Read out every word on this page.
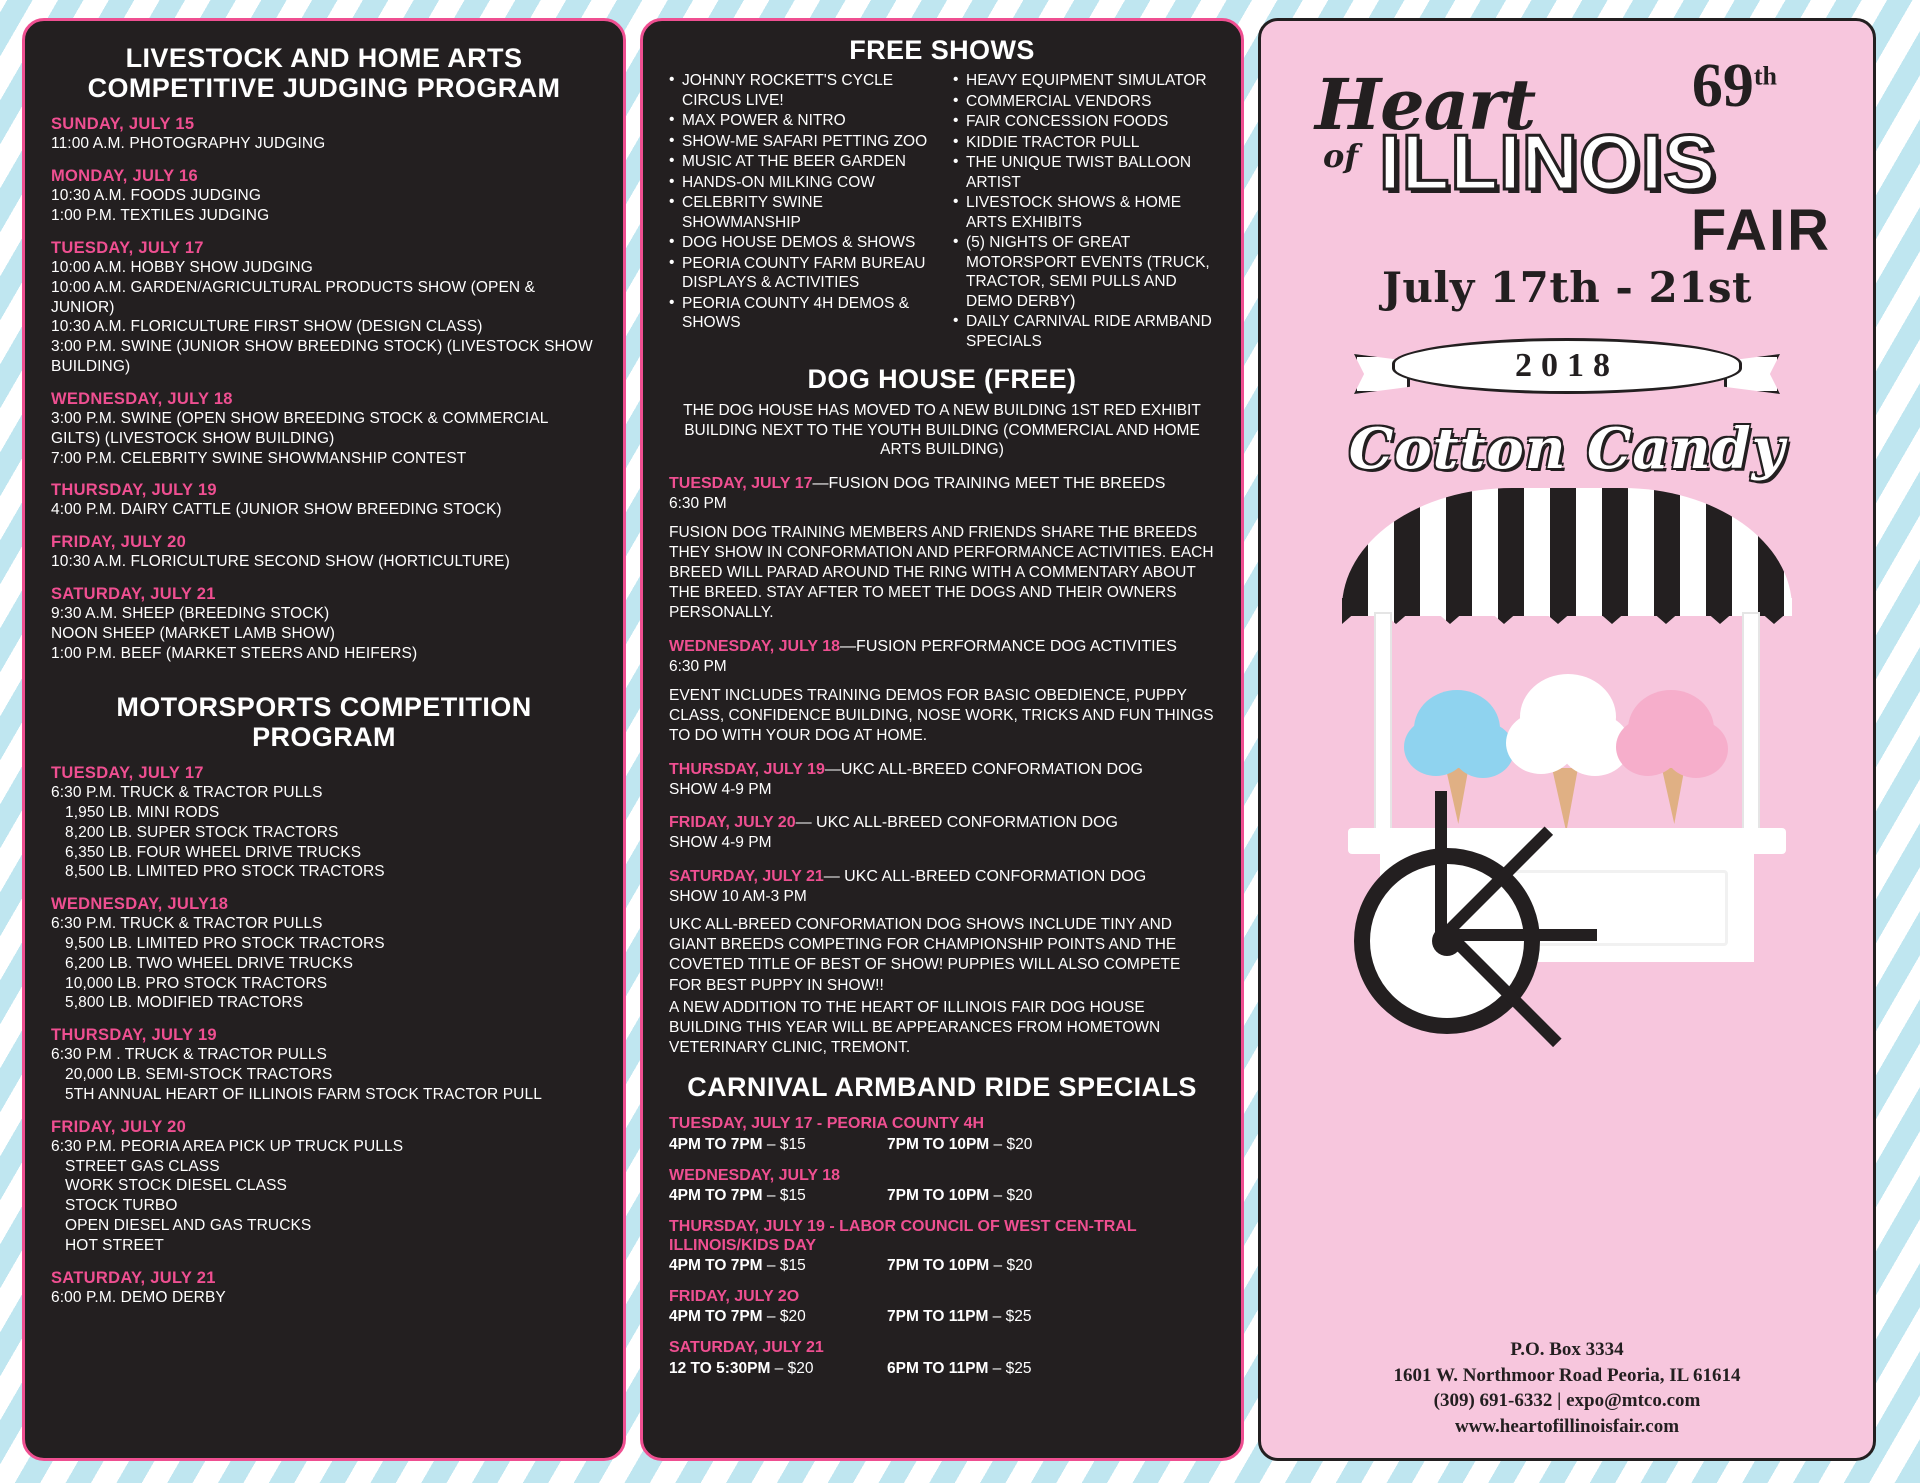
LIVESTOCK AND HOME ARTS COMPETITIVE JUDGING PROGRAM
SUNDAY, JULY 15
11:00 A.M. PHOTOGRAPHY JUDGING
MONDAY, JULY 16
10:30 A.M. FOODS JUDGING
1:00 P.M. TEXTILES JUDGING
TUESDAY, JULY 17
10:00 A.M. HOBBY SHOW JUDGING
10:00 A.M. GARDEN/AGRICULTURAL PRODUCTS SHOW (OPEN & JUNIOR)
10:30 A.M. FLORICULTURE FIRST SHOW (DESIGN CLASS)
3:00 P.M. SWINE (JUNIOR SHOW BREEDING STOCK) (LIVESTOCK SHOW BUILDING)
WEDNESDAY, JULY 18
3:00 P.M. SWINE (OPEN SHOW BREEDING STOCK & COMMERCIAL GILTS) (LIVESTOCK SHOW BUILDING)
7:00 P.M. CELEBRITY SWINE SHOWMANSHIP CONTEST
THURSDAY, JULY 19
4:00 P.M. DAIRY CATTLE (JUNIOR SHOW BREEDING STOCK)
FRIDAY, JULY 20
10:30 A.M. FLORICULTURE SECOND SHOW (HORTICULTURE)
SATURDAY, JULY 21
9:30 A.M. SHEEP (BREEDING STOCK)
NOON SHEEP (MARKET LAMB SHOW)
1:00 P.M. BEEF (MARKET STEERS AND HEIFERS)
MOTORSPORTS COMPETITION PROGRAM
TUESDAY, JULY 17
6:30 P.M. TRUCK & TRACTOR PULLS
1,950 LB. MINI RODS
8,200 LB. SUPER STOCK TRACTORS
6,350 LB. FOUR WHEEL DRIVE TRUCKS
8,500 LB. LIMITED PRO STOCK TRACTORS
WEDNESDAY, JULY18
6:30 P.M. TRUCK & TRACTOR PULLS
9,500 LB. LIMITED PRO STOCK TRACTORS
6,200 LB. TWO WHEEL DRIVE TRUCKS
10,000 LB. PRO STOCK TRACTORS
5,800 LB. MODIFIED TRACTORS
THURSDAY, JULY 19
6:30 P.M . TRUCK & TRACTOR PULLS
20,000 LB. SEMI-STOCK TRACTORS
5TH ANNUAL HEART OF ILLINOIS FARM STOCK TRACTOR PULL
FRIDAY, JULY 20
6:30 P.M. PEORIA AREA PICK UP TRUCK PULLS
STREET GAS CLASS
WORK STOCK DIESEL CLASS
STOCK TURBO
OPEN DIESEL AND GAS TRUCKS
HOT STREET
SATURDAY, JULY 21
6:00 P.M. DEMO DERBY
FREE SHOWS
• JOHNNY ROCKETT'S CYCLE CIRCUS LIVE!
• MAX POWER & NITRO
• SHOW-ME SAFARI PETTING ZOO
• MUSIC AT THE BEER GARDEN
• HANDS-ON MILKING COW
• CELEBRITY SWINE SHOWMANSHIP
• DOG HOUSE DEMOS & SHOWS
• PEORIA COUNTY FARM BUREAU DISPLAYS & ACTIVITIES
• PEORIA COUNTY 4H DEMOS & SHOWS
• HEAVY EQUIPMENT SIMULATOR
• COMMERCIAL VENDORS
• FAIR CONCESSION FOODS
• KIDDIE TRACTOR PULL
• THE UNIQUE TWIST BALLOON ARTIST
• LIVESTOCK SHOWS & HOME ARTS EXHIBITS
• (5) NIGHTS OF GREAT MOTORSPORT EVENTS (TRUCK, TRACTOR, SEMI PULLS AND DEMO DERBY)
• DAILY CARNIVAL RIDE ARMBAND SPECIALS
DOG HOUSE (FREE)
THE DOG HOUSE HAS MOVED TO A NEW BUILDING 1ST RED EXHIBIT BUILDING NEXT TO THE YOUTH BUILDING (COMMERCIAL AND HOME ARTS BUILDING)
TUESDAY, JULY 17—FUSION DOG TRAINING MEET THE BREEDS
6:30 PM
FUSION DOG TRAINING MEMBERS AND FRIENDS SHARE THE BREEDS THEY SHOW IN CONFORMATION AND PERFORMANCE ACTIVITIES. EACH BREED WILL PARAD AROUND THE RING WITH A COMMENTARY ABOUT THE BREED. STAY AFTER TO MEET THE DOGS AND THEIR OWNERS PERSONALLY.
WEDNESDAY, JULY 18—FUSION PERFORMANCE DOG ACTIVITIES
6:30 PM
EVENT INCLUDES TRAINING DEMOS FOR BASIC OBEDIENCE, PUPPY CLASS, CONFIDENCE BUILDING, NOSE WORK, TRICKS AND FUN THINGS TO DO WITH YOUR DOG AT HOME.
THURSDAY, JULY 19—UKC ALL-BREED CONFORMATION DOG
SHOW 4-9 PM
FRIDAY, JULY 20— UKC ALL-BREED CONFORMATION DOG
SHOW 4-9 PM
SATURDAY, JULY 21— UKC ALL-BREED CONFORMATION DOG
SHOW 10 AM-3 PM
UKC ALL-BREED CONFORMATION DOG SHOWS INCLUDE TINY AND GIANT BREEDS COMPETING FOR CHAMPIONSHIP POINTS AND THE COVETED TITLE OF BEST OF SHOW! PUPPIES WILL ALSO COMPETE FOR BEST PUPPY IN SHOW!!
A NEW ADDITION TO THE HEART OF ILLINOIS FAIR DOG HOUSE BUILDING THIS YEAR WILL BE APPEARANCES FROM HOMETOWN VETERINARY CLINIC, TREMONT.
CARNIVAL ARMBAND RIDE SPECIALS
TUESDAY, JULY 17 - PEORIA COUNTY 4H
4PM TO 7PM – $15	7PM TO 10PM – $20
WEDNESDAY, JULY 18
4PM TO 7PM – $15	7PM TO 10PM – $20
THURSDAY, JULY 19 - LABOR COUNCIL OF WEST CEN-TRAL ILLINOIS/KIDS DAY
4PM TO 7PM – $15	7PM TO 10PM – $20
FRIDAY, JULY 2O
4PM TO 7PM – $20	7PM TO 11PM – $25
SATURDAY, JULY 21
12 TO 5:30PM – $20	6PM TO 11PM – $25
Heart
of
69th
ILLINOIS
FAIR
July 17th - 21st
2018
Cotton Candy
P.O. Box 3334
1601 W. Northmoor Road Peoria, IL 61614
(309) 691-6332 | expo@mtco.com
www.heartofillinoisfair.com
